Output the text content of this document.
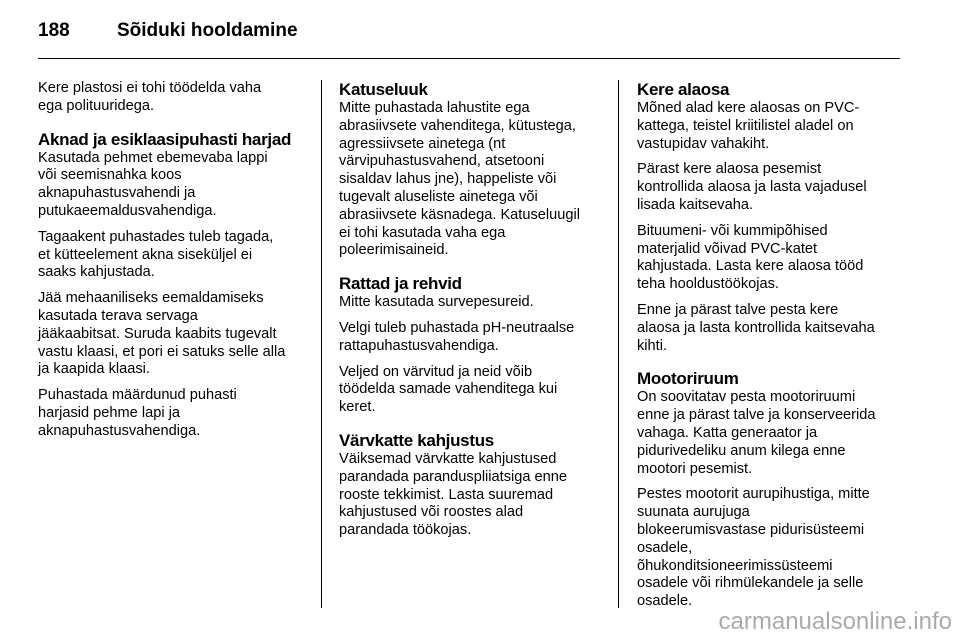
188 Sõiduki hooldamine

Kere plastosi ei tohi töödelda vaha
ega polituuridega.

Aknad ja esiklaasipuhasti harjad

Kasutada pehmet ebemevaba lappi
või seemisnahka koos
aknapuhastusvahendi ja
putukaeemaldusvahendiga.

Tagaakent puhastades tuleb tagada,
et kütteelement akna siseküljel ei
saaks kahjustada.

Jää mehaaniliseks eemaldamiseks
kasutada terava servaga
jääkaabitsat. Suruda kaabits tugevalt
vastu klaasi, et pori ei satuks selle alla
ja kaapida klaasi.

Puhastada määrdunud puhasti
harjasid pehme lapi ja
aknapuhastusvahendiga.

Katuseluuk

Mitte puhastada lahustite ega
abrasiivsete vahenditega, kütustega,
agressiivsete ainetega (nt
värvipuhastusvahend, atsetooni
sisaldav lahus jne), happeliste või
tugevalt aluseliste ainetega või
abrasiivsete käsnadega. Katuseluugil
ei tohi kasutada vaha ega
poleerimisaineid.

Rattad ja rehvid

Mitte kasutada survepesureid.

Velgi tuleb puhastada pH-neutraalse
rattapuhastusvahendiga.

Veljed on värvitud ja neid võib
töödelda samade vahenditega kui
keret.

Värvkatte kahjustus

Väiksemad värvkatte kahjustused
parandada paranduspliiatsiga enne
rooste tekkimist. Lasta suuremad
kahjustused või roostes alad
parandada töökojas.

Kere alaosa

Mõned alad kere alaosas on PVC-
kattega, teistel kriitilistel aladel on
vastupidav vahakiht.

Pärast kere alaosa pesemist
kontrollida alaosa ja lasta vajadusel
lisada kaitsevaha.

Bituumeni- või kummipõhised
materjalid võivad PVC-katet
kahjustada. Lasta kere alaosa tööd
teha hooldustöökojas.

Enne ja pärast talve pesta kere
alaosa ja lasta kontrollida kaitsevaha
kihti.

Mootoriruum

On soovitatav pesta mootoriruumi
enne ja pärast talve ja konserveerida
vahaga. Katta generaator ja
pidurivedeliku anum kilega enne
mootori pesemist.

Pestes mootorit aurupihustiga, mitte
suunata aurujuga
blokeerumisvastase pidurisüsteemi
osadele,
õhukonditsioneerimissüsteemi
osadele või rihmülekandele ja selle
osadele.

carmanualsonline.info
